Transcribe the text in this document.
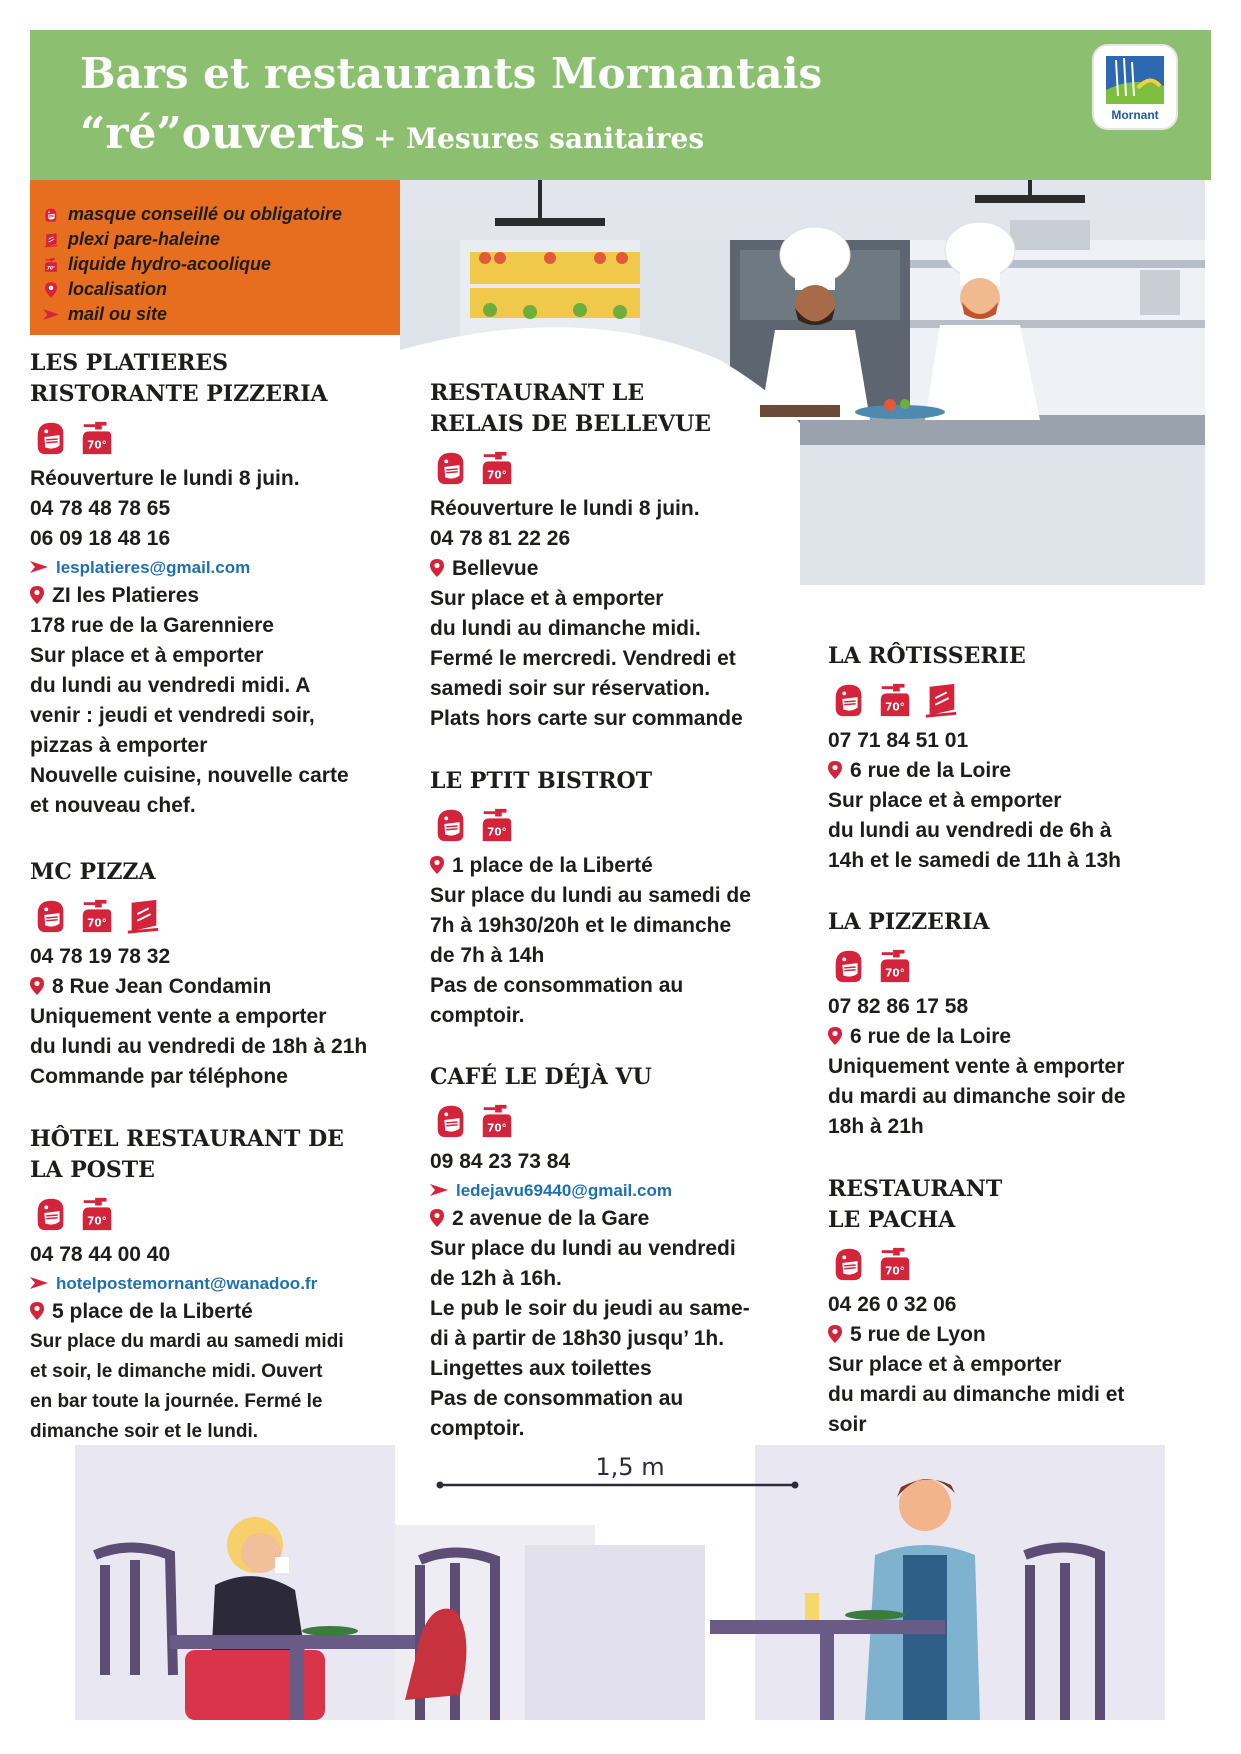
Bars et restaurants Mornantais
“ré”ouverts + Mesures sanitaires
Mornant
masque conseillé ou obligatoire
plexi pare-haleine
liquide hydro-acoolique
localisation
mail ou site
LES PLATIERES
RISTORANTE PIZZERIA
Réouverture le lundi 8 juin.
04 78 48 78 65
06 09 18 48 16
lesplatieres@gmail.com
ZI les Platieres
178 rue de la Garenniere
Sur place et à emporter
du lundi au vendredi midi. A
venir : jeudi et vendredi soir,
pizzas à emporter
Nouvelle cuisine, nouvelle carte
et nouveau chef.
MC PIZZA
04 78 19 78 32
8 Rue Jean Condamin
Uniquement vente a emporter
du lundi au vendredi de 18h à 21h
Commande par téléphone
HÔTEL RESTAURANT DE
LA POSTE
04 78 44 00 40
hotelpostemornant@wanadoo.fr
5 place de la Liberté
Sur place du mardi au samedi midi
et soir, le dimanche midi. Ouvert
en bar toute la journée. Fermé le
dimanche soir et le lundi.
RESTAURANT LE
RELAIS DE BELLEVUE
Réouverture le lundi 8 juin.
04 78 81 22 26
Bellevue
Sur place et à emporter
du lundi au dimanche midi.
Fermé le mercredi. Vendredi et
samedi soir sur réservation.
Plats hors carte sur commande
LE PTIT BISTROT
1 place de la Liberté
Sur place du lundi au samedi de
7h à 19h30/20h et le dimanche
de 7h à 14h
Pas de consommation au
comptoir.
CAFÉ LE DÉJÀ VU
09 84 23 73 84
ledejavu69440@gmail.com
2 avenue de la Gare
Sur place du lundi au vendredi
de 12h à 16h.
Le pub le soir du jeudi au same-
di à partir de 18h30 jusqu’ 1h.
Lingettes aux toilettes
Pas de consommation au
comptoir.
LA RÔTISSERIE
07 71 84 51 01
6 rue de la Loire
Sur place et à emporter
du lundi au vendredi de 6h à
14h et le samedi de 11h à 13h
LA PIZZERIA
07 82 86 17 58
6 rue de la Loire
Uniquement vente à emporter
du mardi au dimanche soir de
18h à 21h
RESTAURANT
LE PACHA
04 26 0 32 06
5 rue de Lyon
Sur place et à emporter
du mardi au dimanche midi et
soir
1,5 m
